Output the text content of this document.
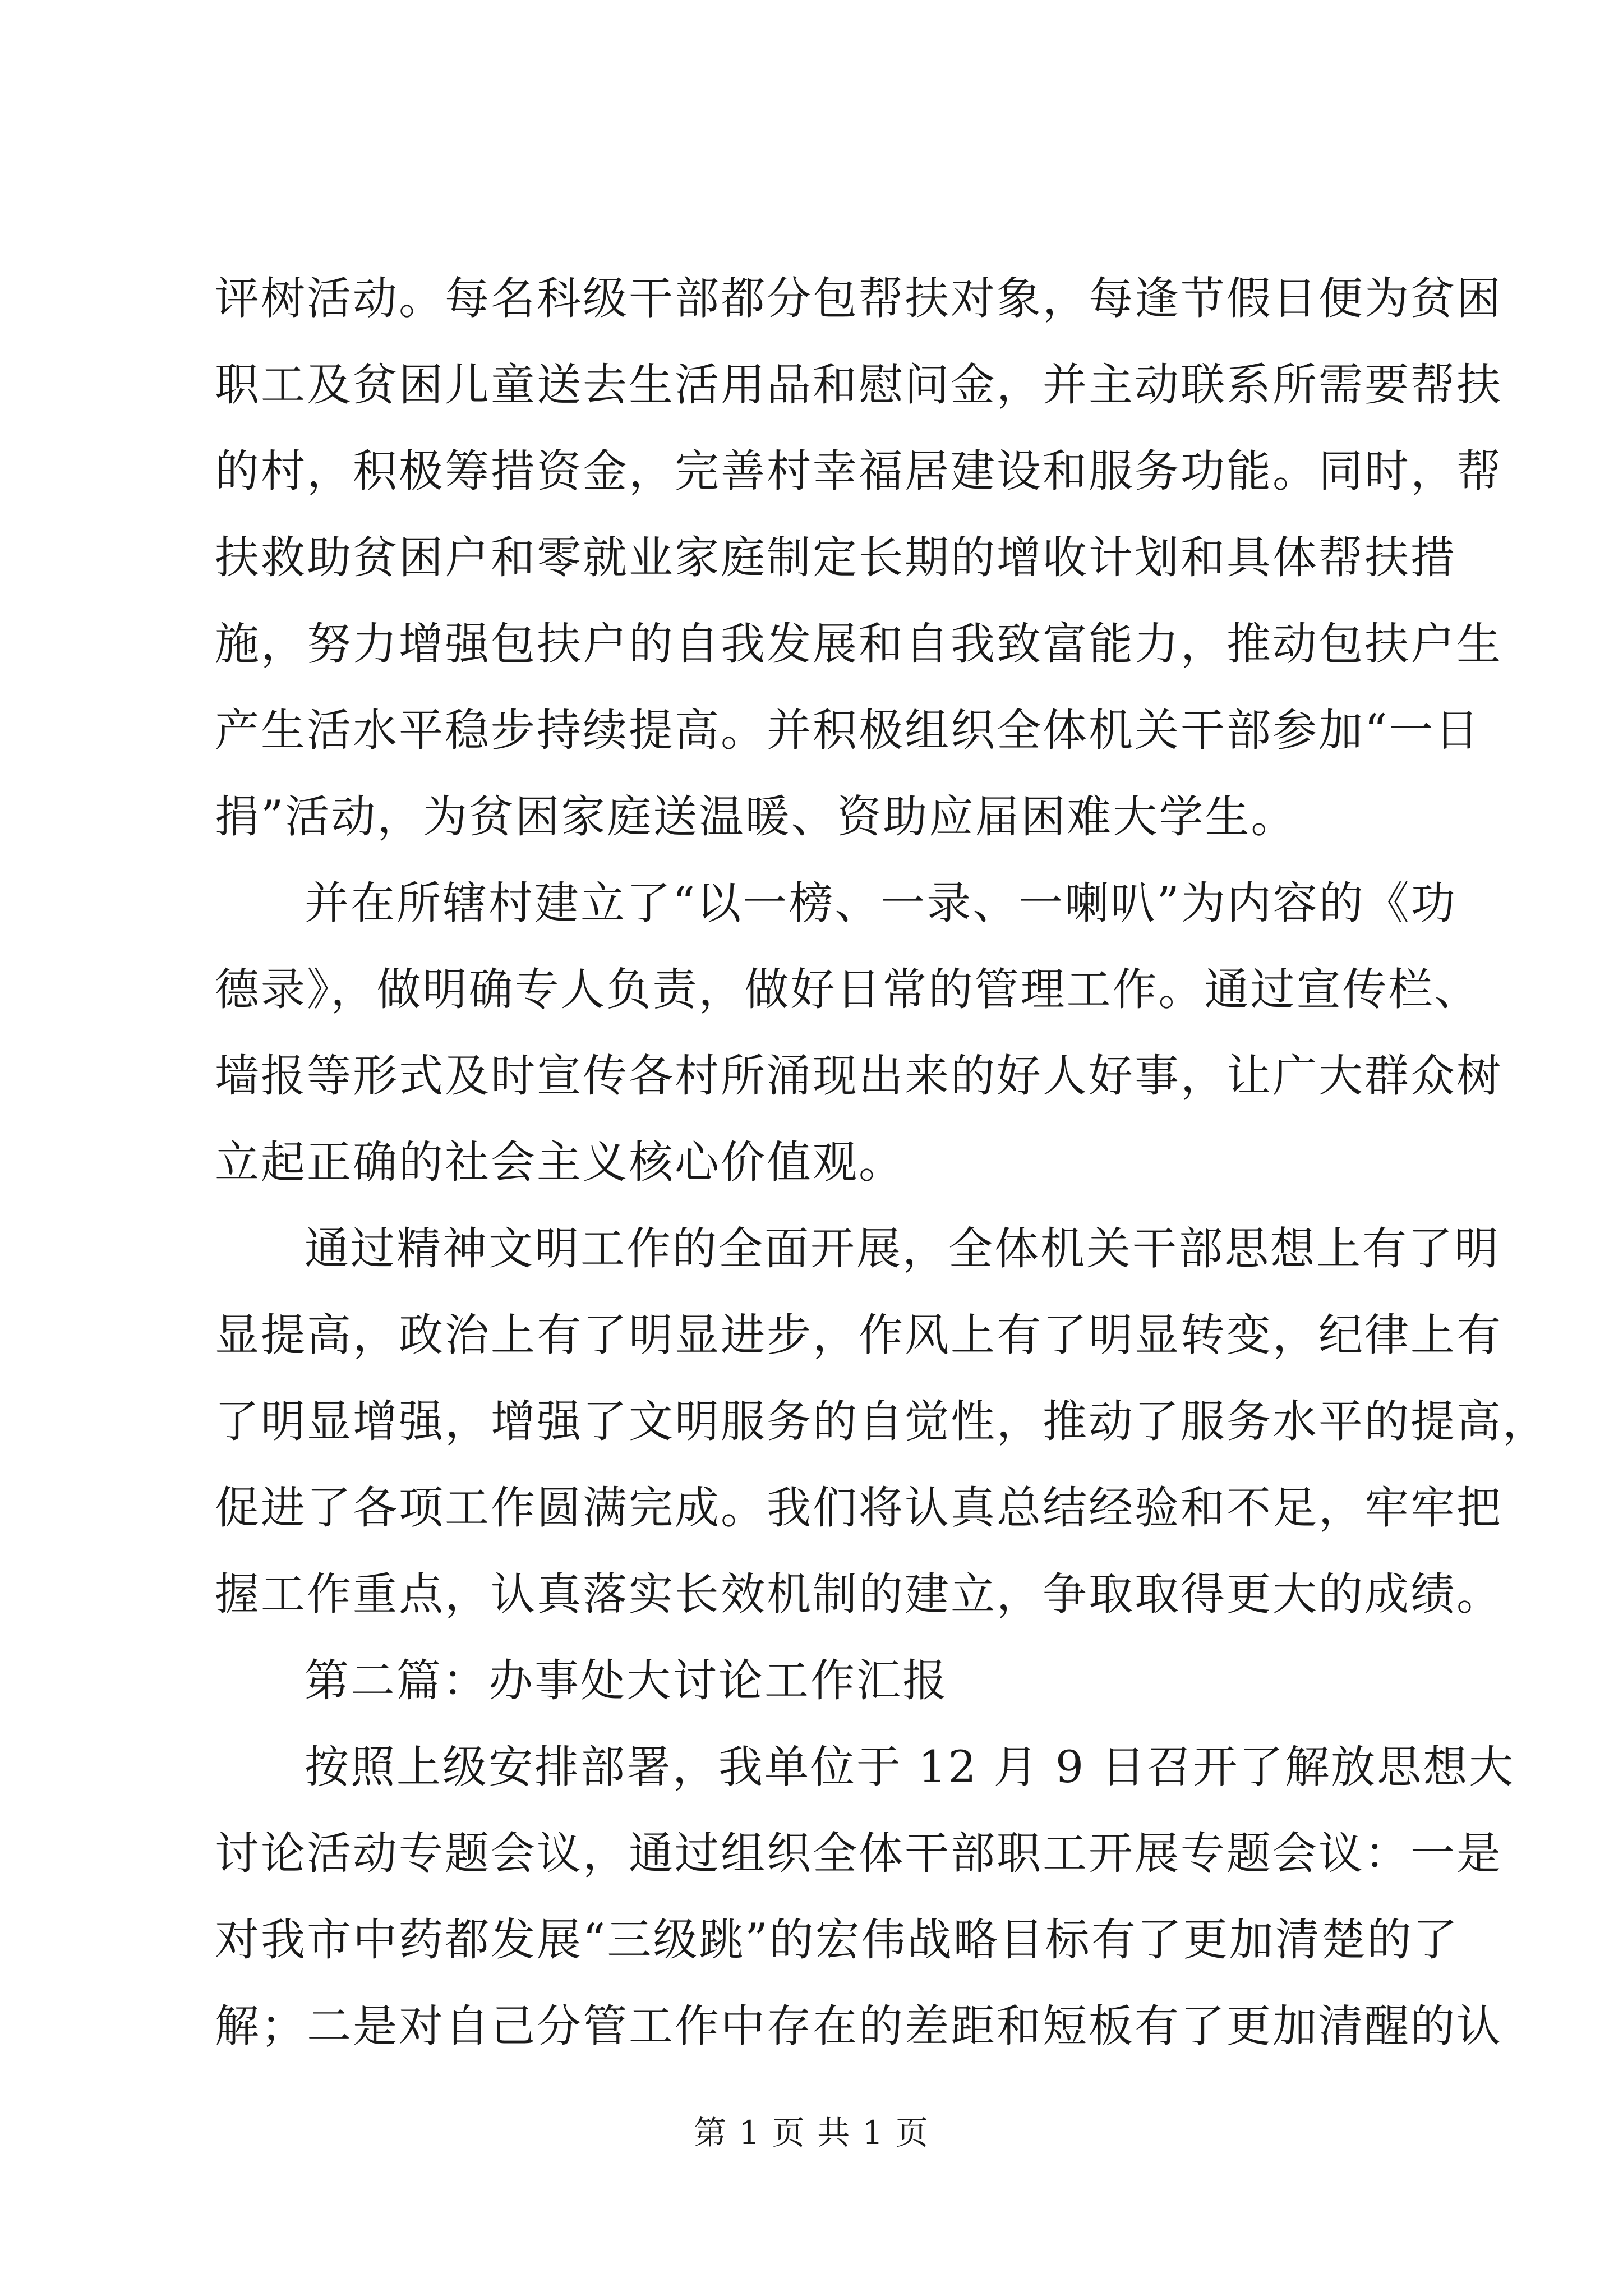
评树活动。每名科级干部都分包帮扶对象，每逢节假日便为贫困
职工及贫困儿童送去生活用品和慰问金，并主动联系所需要帮扶
的村，积极筹措资金，完善村幸福居建设和服务功能。同时，帮
扶救助贫困户和零就业家庭制定长期的增收计划和具体帮扶措
施，努力增强包扶户的自我发展和自我致富能力，推动包扶户生
产生活水平稳步持续提高。并积极组织全体机关干部参加“一日
捐”活动，为贫困家庭送温暖、资助应届困难大学生。
并在所辖村建立了“以一榜、一录、一喇叭”为内容的《功
德录》，做明确专人负责，做好日常的管理工作。通过宣传栏、
墙报等形式及时宣传各村所涌现出来的好人好事，让广大群众树
立起正确的社会主义核心价值观。
通过精神文明工作的全面开展，全体机关干部思想上有了明
显提高，政治上有了明显进步，作风上有了明显转变，纪律上有
了明显增强，增强了文明服务的自觉性，推动了服务水平的提高，
促进了各项工作圆满完成。我们将认真总结经验和不足，牢牢把
握工作重点，认真落实长效机制的建立，争取取得更大的成绩。
第二篇：办事处大讨论工作汇报
按照上级安排部署，我单位于 12 月 9 日召开了解放思想大
讨论活动专题会议，通过组织全体干部职工开展专题会议：一是
对我市中药都发展“三级跳”的宏伟战略目标有了更加清楚的了
解；二是对自己分管工作中存在的差距和短板有了更加清醒的认
第 1 页 共 1 页
